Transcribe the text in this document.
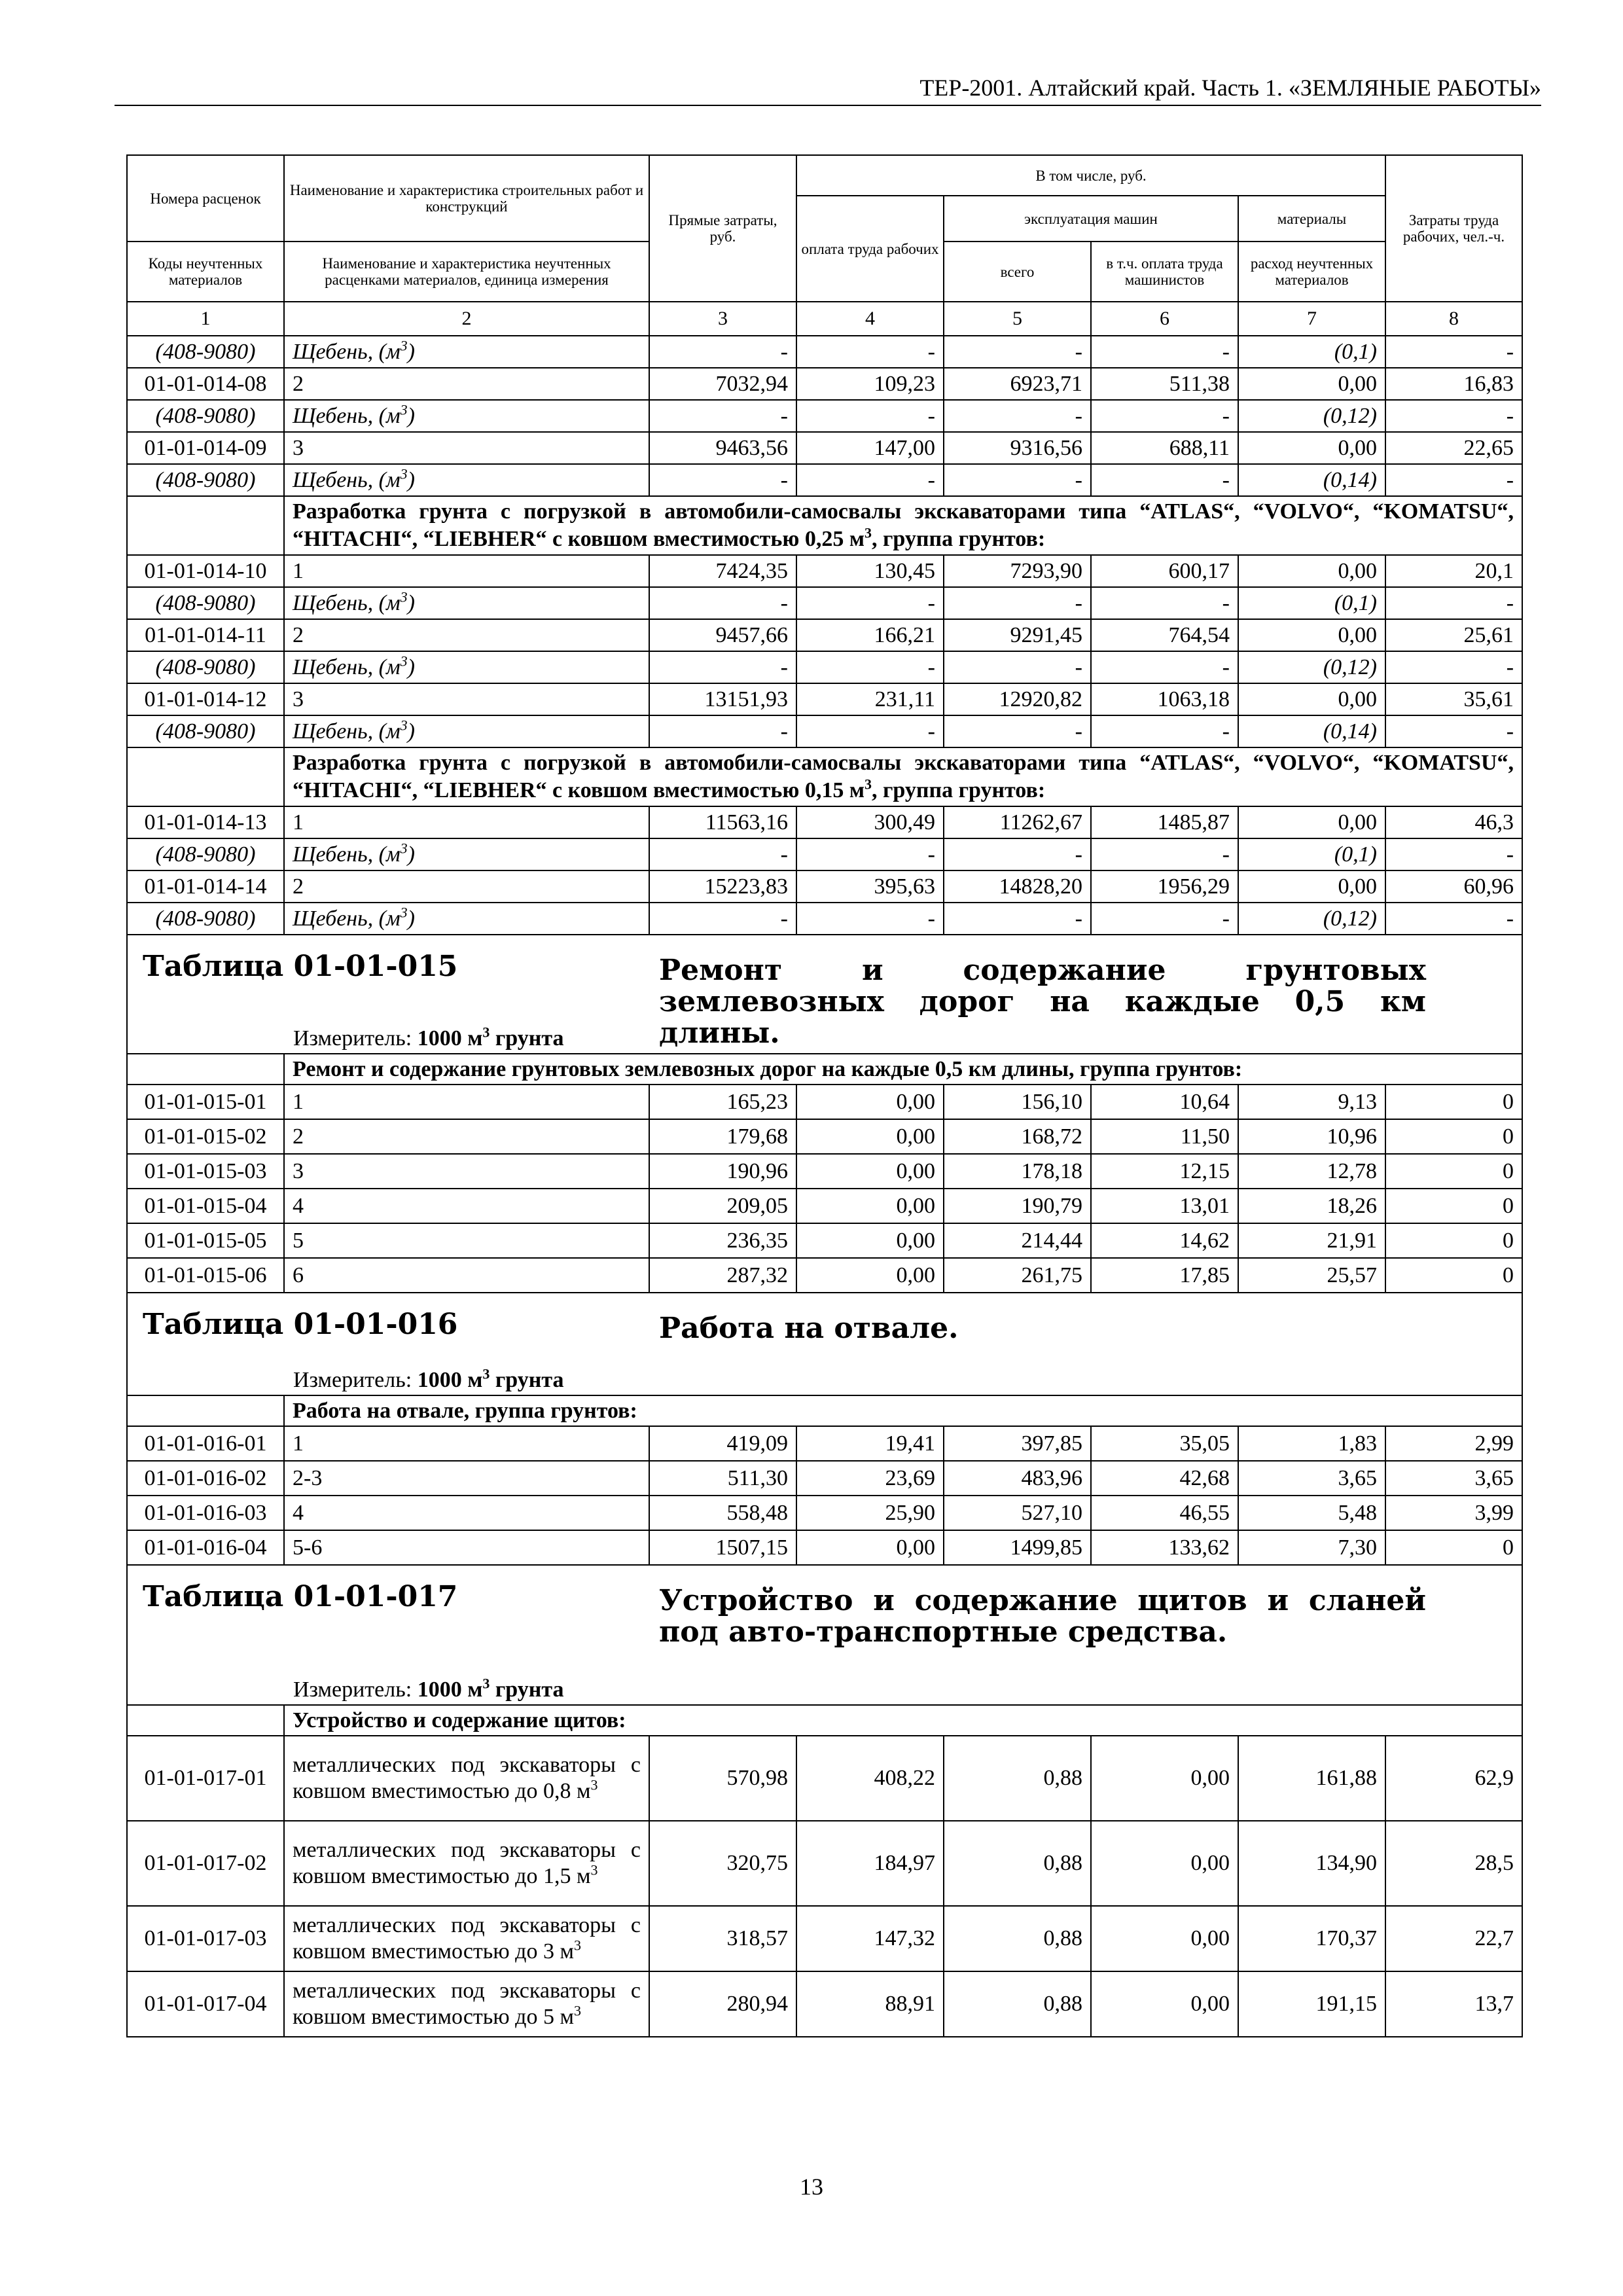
ТЕР-2001. Алтайский край. Часть 1. «ЗЕМЛЯНЫЕ РАБОТЫ»
Номера расценок	Наименование и характеристика строительных работ и конструкций	Прямые затраты, руб.	В том числе, руб.				Затраты труда рабочих, чел.-ч.
			оплата труда рабочих	эксплуатация машин		материалы	
Коды неучтенных материалов	Наименование и характеристика неучтенных расценками материалов, единица измерения			всего	в т.ч. оплата труда машинистов	расход неучтенных материалов	
1	2	3	4	5	6	7	8
(408-9080)	Щебень, $(м^3)$	-	-	-	-	(0,1)	-
01-01-014-08	2	7032,94	109,23	6923,71	511,38	0,00	16,83
(408-9080)	Щебень, $(м^3)$	-	-	-	-	(0,12)	-
01-01-014-09	3	9463,56	147,00	9316,56	688,11	0,00	22,65
(408-9080)	Щебень, $(м^3)$	-	-	-	-	(0,14)	-
	Разработка грунта с погрузкой в автомобили-самосвалы экскаваторами типа “ATLAS“, “VOLVO“, “KOMATSU“, “HITACHI“, “LIEBHER“ с ковшом вместимостью 0,25 $м^3$, группа грунтов:						
01-01-014-10	1	7424,35	130,45	7293,90	600,17	0,00	20,1
(408-9080)	Щебень, $(м^3)$	-	-	-	-	(0,1)	-
01-01-014-11	2	9457,66	166,21	9291,45	764,54	0,00	25,61
(408-9080)	Щебень, $(м^3)$	-	-	-	-	(0,12)	-
01-01-014-12	3	13151,93	231,11	12920,82	1063,18	0,00	35,61
(408-9080)	Щебень, $(м^3)$	-	-	-	-	(0,14)	-
	Разработка грунта с погрузкой в автомобили-самосвалы экскаваторами типа “ATLAS“, “VOLVO“, “KOMATSU“, “HITACHI“, “LIEBHER“ с ковшом вместимостью 0,15 $м^3$, группа грунтов:						
01-01-014-13	1	11563,16	300,49	11262,67	1485,87	0,00	46,3
(408-9080)	Щебень, $(м^3)$	-	-	-	-	(0,1)	-
01-01-014-14	2	15223,83	395,63	14828,20	1956,29	0,00	60,96
(408-9080)	Щебень, $(м^3)$	-	-	-	-	(0,12)	-

Таблица 01-01-015 Ремонт и содержание грунтовых землевозных дорог на каждые 0,5 км длины.
Измеритель: 1000 $м^3$ грунта							

	Ремонт и содержание грунтовых землевозных дорог на каждые 0,5 км длины, группа грунтов:						
01-01-015-01	1	165,23	0,00	156,10	10,64	9,13	0
01-01-015-02	2	179,68	0,00	168,72	11,50	10,96	0
01-01-015-03	3	190,96	0,00	178,18	12,15	12,78	0
01-01-015-04	4	209,05	0,00	190,79	13,01	18,26	0
01-01-015-05	5	236,35	0,00	214,44	14,62	21,91	0
01-01-015-06	6	287,32	0,00	261,75	17,85	25,57	0

Таблица 01-01-016 Работа на отвале.
Измеритель: 1000 $м^3$ грунта							

	Работа на отвале, группа грунтов:						
01-01-016-01	1	419,09	19,41	397,85	35,05	1,83	2,99
01-01-016-02	2-3	511,30	23,69	483,96	42,68	3,65	3,65
01-01-016-03	4	558,48	25,90	527,10	46,55	5,48	3,99
01-01-016-04	5-6	1507,15	0,00	1499,85	133,62	7,30	0

Таблица 01-01-017 Устройство и содержание щитов и сланей под авто-транспортные средства.
Измеритель: 1000 $м^3$ грунта							

	Устройство и содержание щитов:						
01-01-017-01	металлических под экскаваторы с ковшом вместимостью до 0,8 $м^3$	570,98	408,22	0,88	0,00	161,88	62,9
01-01-017-02	металлических под экскаваторы с ковшом вместимостью до 1,5 $м^3$	320,75	184,97	0,88	0,00	134,90	28,5
01-01-017-03	металлических под экскаваторы с ковшом вместимостью до 3 $м^3$	318,57	147,32	0,88	0,00	170,37	22,7
01-01-017-04	металлических под экскаваторы с ковшом вместимостью до 5 $м^3$	280,94	88,91	0,88	0,00	191,15	13,7
13
